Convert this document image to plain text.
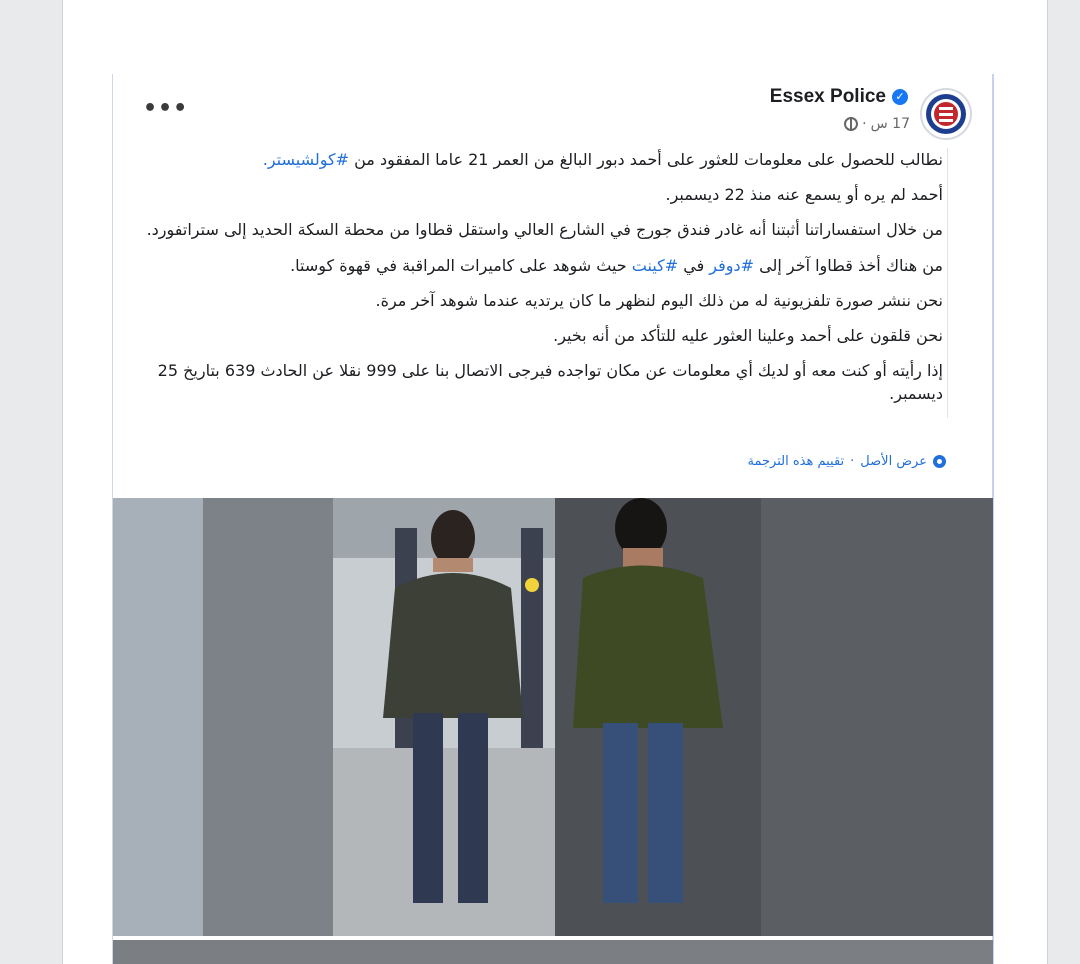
Essex Police ✓
17 س
·
•••

نطالب للحصول على معلومات للعثور على أحمد دبور البالغ من العمر 21 عاما المفقود من #كولشيستر.

أحمد لم يره أو يسمع عنه منذ 22 ديسمبر.

من خلال استفساراتنا أثبتنا أنه غادر فندق جورج في الشارع العالي واستقل قطاوا من محطة السكة الحديد إلى ستراتفورد.

من هناك أخذ قطاوا آخر إلى #دوفر في #كينت حيث شوهد على كاميرات المراقبة في قهوة كوستا.

نحن ننشر صورة تلفزيونية له من ذلك اليوم لنظهر ما كان يرتديه عندما شوهد آخر مرة.

نحن قلقون على أحمد وعلينا العثور عليه للتأكد من أنه بخير.

إذا رأيته أو كنت معه أو لديك أي معلومات عن مكان تواجده فيرجى الاتصال بنا على 999 نقلا عن الحادث 639 بتاريخ 25 ديسمبر.

عرض الأصل
·
تقييم هذه الترجمة
